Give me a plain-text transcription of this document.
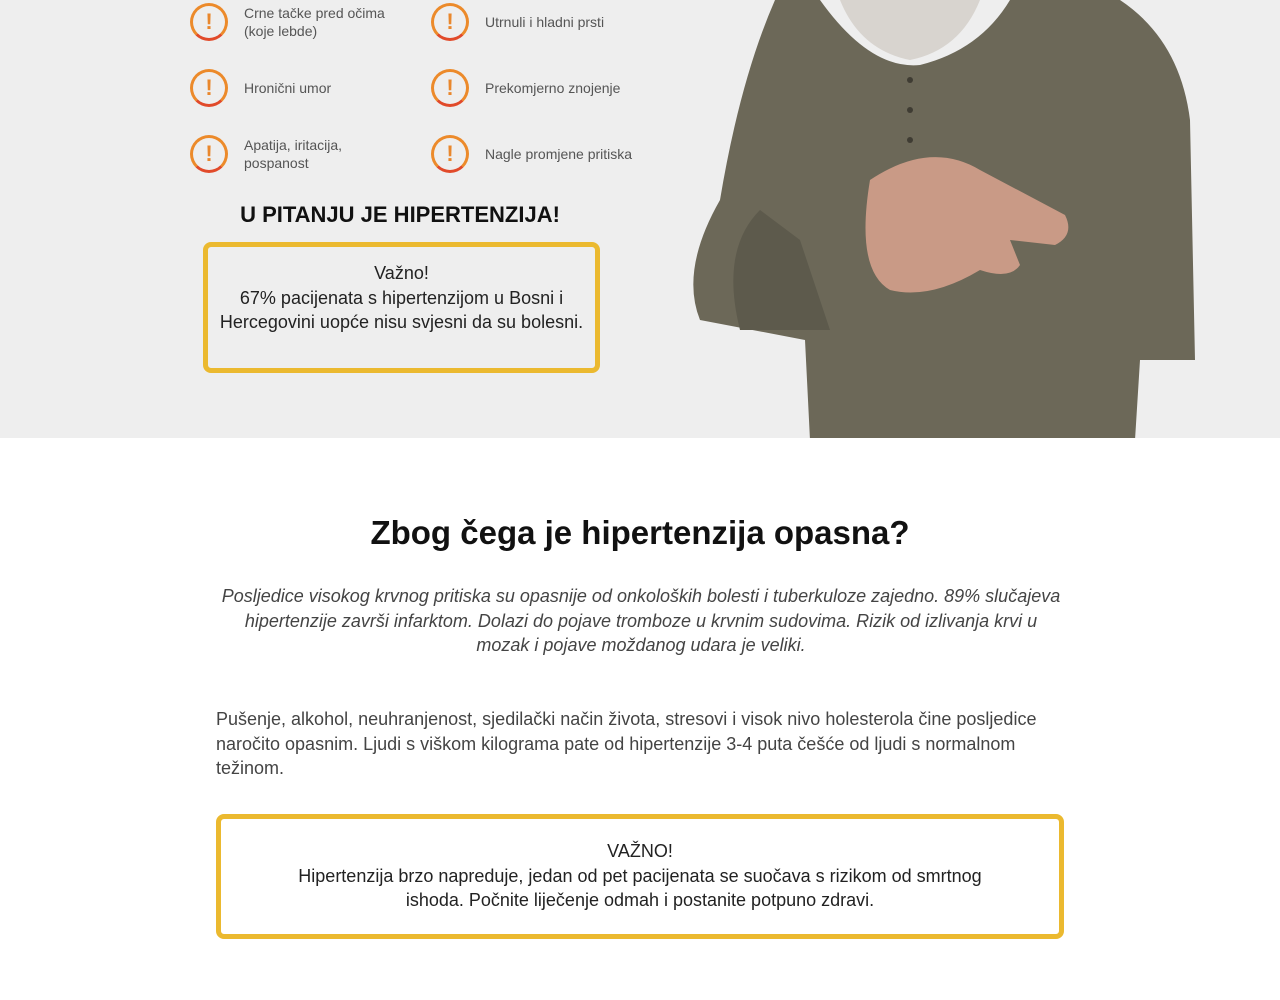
!	Crne tačke pred očima (koje lebde)	!	Utrnuli i hladni prsti
!	Hronični umor	!	Prekomjerno znojenje
!	Apatija, iritacija, pospanost	!	Nagle promjene pritiska
U PITANJU JE HIPERTENZIJA!
Važno!
67% pacijenata s hipertenzijom u Bosni i Hercegovini uopće nisu svjesni da su bolesni.
Zbog čega je hipertenzija opasna?
Posljedice visokog krvnog pritiska su opasnije od onkoloških bolesti i tuberkuloze zajedno. 89% slučajeva hipertenzije završi infarktom. Dolazi do pojave tromboze u krvnim sudovima. Rizik od izlivanja krvi u mozak i pojave moždanog udara je veliki.
Pušenje, alkohol, neuhranjenost, sjedilački način života, stresovi i visok nivo holesterola čine posljedice naročito opasnim. Ljudi s viškom kilograma pate od hipertenzije 3-4 puta češće od ljudi s normalnom težinom.
VAŽNO!
Hipertenzija brzo napreduje, jedan od pet pacijenata se suočava s rizikom od smrtnog ishoda. Počnite liječenje odmah i postanite potpuno zdravi.
